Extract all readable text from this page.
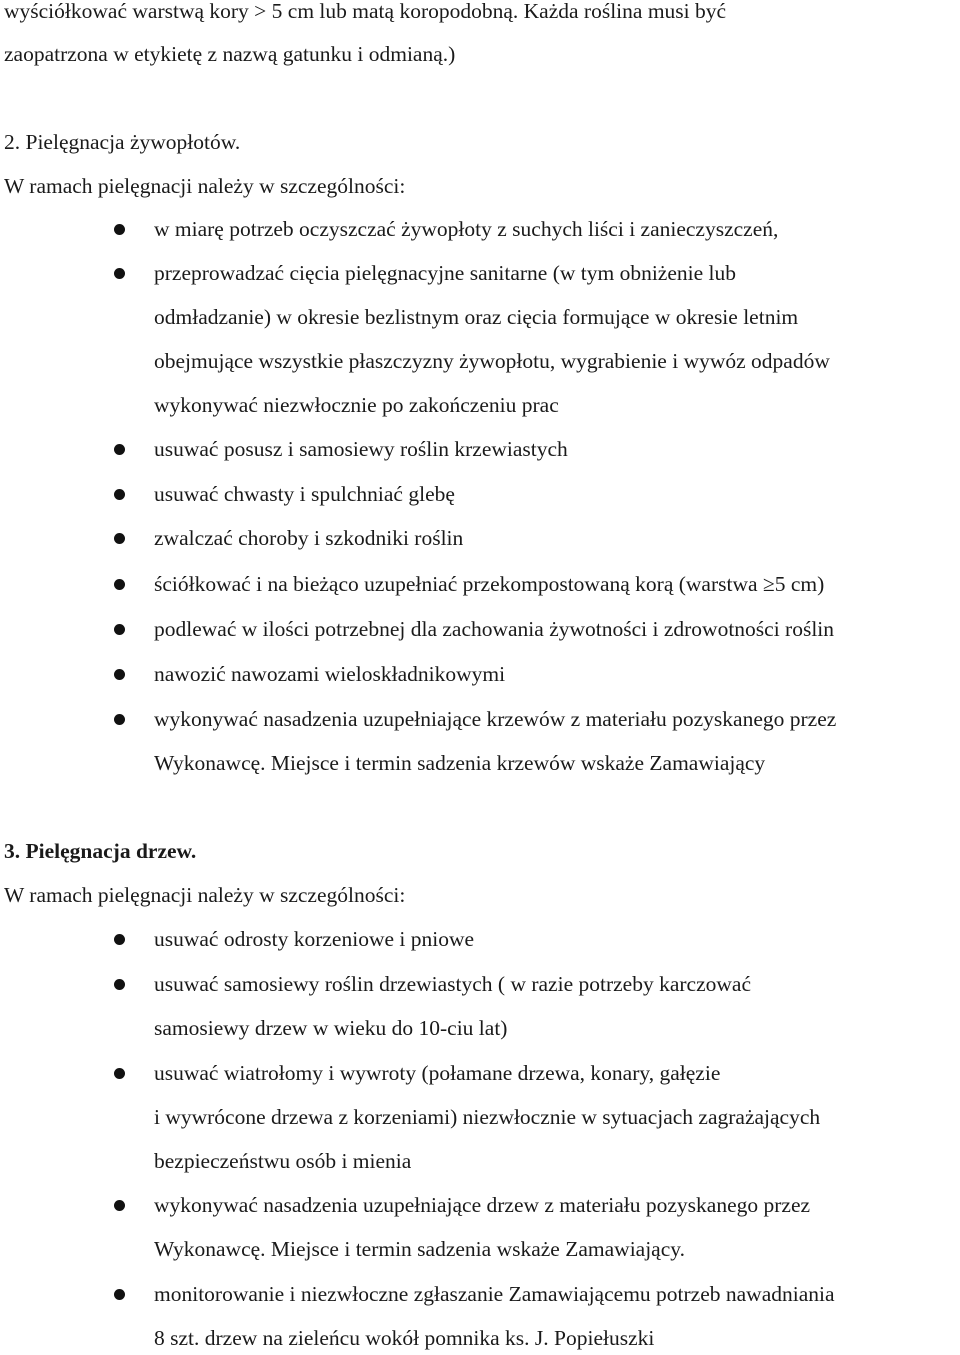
wyściółkować warstwą kory > 5 cm lub matą koropodobną. Każda roślina musi być
zaopatrzona w etykietę z nazwą gatunku i odmianą.)
2. Pielęgnacja żywopłotów.
W ramach pielęgnacji należy w szczególności:
w miarę potrzeb oczyszczać żywopłoty z suchych liści i zanieczyszczeń,
przeprowadzać cięcia pielęgnacyjne sanitarne (w tym obniżenie lub
odmładzanie) w okresie bezlistnym oraz cięcia formujące w okresie letnim
obejmujące wszystkie płaszczyzny żywopłotu, wygrabienie i wywóz odpadów
wykonywać niezwłocznie po zakończeniu prac
usuwać posusz i samosiewy roślin krzewiastych
usuwać chwasty i spulchniać glebę
zwalczać choroby i szkodniki roślin
ściółkować i na bieżąco uzupełniać przekompostowaną korą (warstwa ≥5 cm)
podlewać w ilości potrzebnej dla zachowania żywotności i zdrowotności roślin
nawozić nawozami wieloskładnikowymi
wykonywać nasadzenia uzupełniające krzewów z materiału pozyskanego przez
Wykonawcę. Miejsce i termin sadzenia krzewów wskaże Zamawiający
3. Pielęgnacja drzew.
W ramach pielęgnacji należy w szczególności:
usuwać odrosty korzeniowe i pniowe
usuwać samosiewy roślin drzewiastych ( w razie potrzeby karczować
samosiewy drzew w wieku do 10-ciu lat)
usuwać wiatrołomy i wywroty (połamane drzewa, konary, gałęzie
i wywrócone drzewa z korzeniami) niezwłocznie w sytuacjach zagrażających
bezpieczeństwu osób i mienia
wykonywać nasadzenia uzupełniające drzew z materiału pozyskanego przez
Wykonawcę. Miejsce i termin sadzenia wskaże Zamawiający.
monitorowanie i niezwłoczne zgłaszanie Zamawiającemu potrzeb nawadniania
8 szt. drzew na zieleńcu wokół pomnika ks. J. Popiełuszki
